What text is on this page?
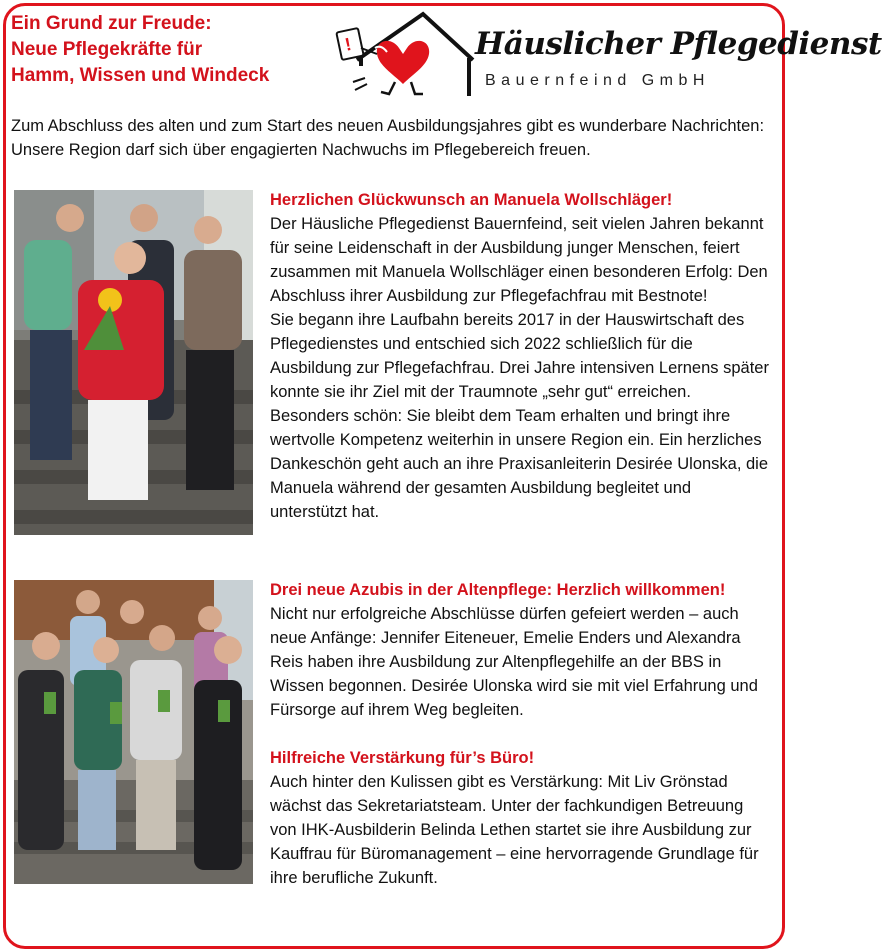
Ein Grund zur Freude:
Neue Pflegekräfte für
Hamm, Wissen und Windeck
!	Häuslicher Pflegedienst
Bauernfeind GmbH
Zum Abschluss des alten und zum Start des neuen Ausbildungsjahres gibt es wunderbare Nachrichten: Unsere Region darf sich über engagierten Nachwuchs im Pflegebereich freuen.
Herzlichen Glückwunsch an Manuela Wollschläger!

Der Häusliche Pflegedienst Bauernfeind, seit vielen Jahren bekannt für seine Leidenschaft in der Ausbildung junger Menschen, feiert zusammen mit Manuela Wollschläger einen besonderen Erfolg: Den Abschluss ihrer Ausbildung zur Pflegefachfrau mit Bestnote!

Sie begann ihre Laufbahn bereits 2017 in der Hauswirtschaft des Pflegedienstes und entschied sich 2022 schließlich für die Ausbildung zur Pflegefachfrau. Drei Jahre intensiven Lernens später konnte sie ihr Ziel mit der Traumnote „sehr gut“ erreichen. Besonders schön: Sie bleibt dem Team erhalten und bringt ihre wertvolle Kompetenz weiterhin in unsere Region ein. Ein herzliches Dankeschön geht auch an ihre Praxisanleiterin Desirée Ulonska, die Manuela während der gesamten Ausbildung begleitet und unterstützt hat.

Drei neue Azubis in der Altenpflege: Herzlich willkommen!

Nicht nur erfolgreiche Abschlüsse dürfen gefeiert werden – auch neue Anfänge: Jennifer Eiteneuer, Emelie Enders und Alexandra Reis haben ihre Ausbildung zur Altenpflegehilfe an der BBS in Wissen begonnen. Desirée Ulonska wird sie mit viel Erfahrung und Fürsorge auf ihrem Weg begleiten.

Hilfreiche Verstärkung für’s Büro!

Auch hinter den Kulissen gibt es Verstärkung: Mit Liv Grönstad wächst das Sekretariatsteam. Unter der fachkundigen Betreuung von IHK-Ausbilderin Belinda Lethen startet sie ihre Ausbildung zur Kauffrau für Büromanagement – eine hervorragende Grundlage für ihre berufliche Zukunft.
